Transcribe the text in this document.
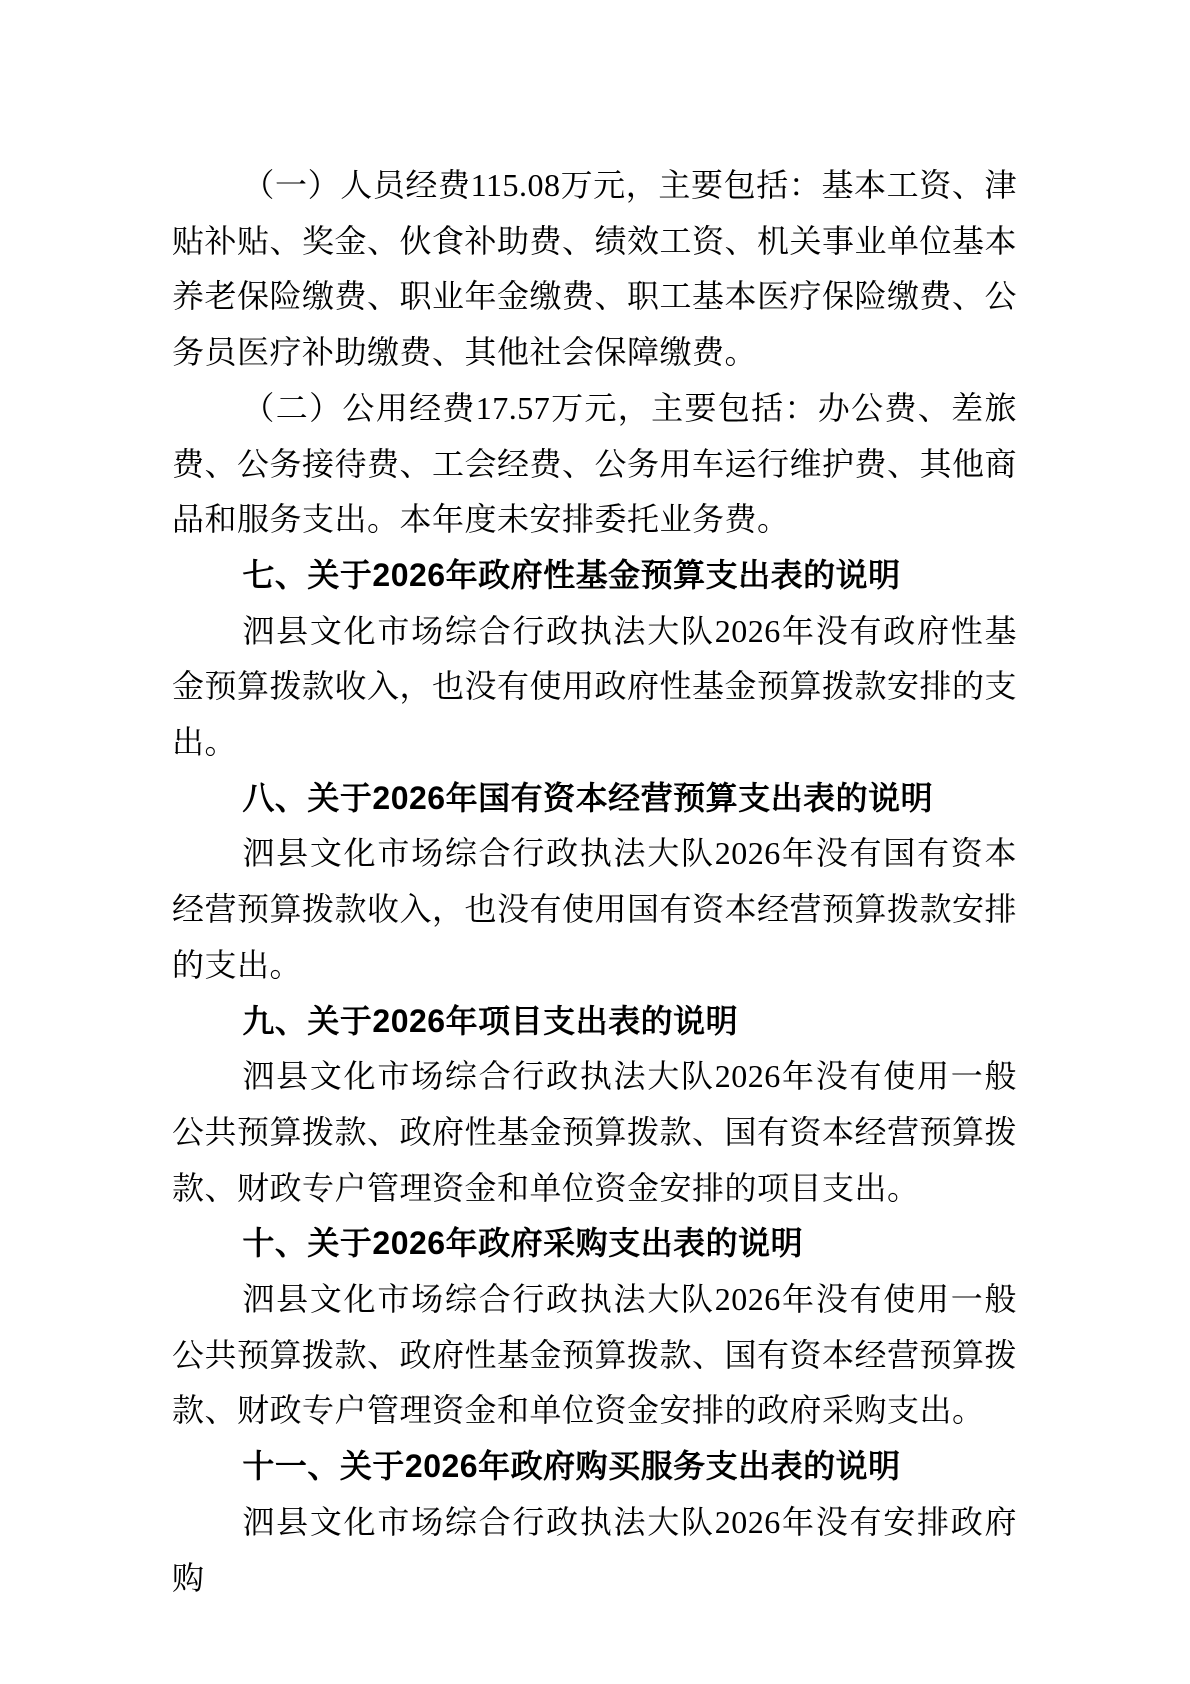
（一）人员经费115.08万元，主要包括：基本工资、津贴补贴、奖金、伙食补助费、绩效工资、机关事业单位基本养老保险缴费、职业年金缴费、职工基本医疗保险缴费、公务员医疗补助缴费、其他社会保障缴费。

（二）公用经费17.57万元，主要包括：办公费、差旅费、公务接待费、工会经费、公务用车运行维护费、其他商品和服务支出。本年度未安排委托业务费。

七、关于2026年政府性基金预算支出表的说明

泗县文化市场综合行政执法大队2026年没有政府性基金预算拨款收入，也没有使用政府性基金预算拨款安排的支出。

八、关于2026年国有资本经营预算支出表的说明

泗县文化市场综合行政执法大队2026年没有国有资本经营预算拨款收入，也没有使用国有资本经营预算拨款安排的支出。

九、关于2026年项目支出表的说明

泗县文化市场综合行政执法大队2026年没有使用一般公共预算拨款、政府性基金预算拨款、国有资本经营预算拨款、财政专户管理资金和单位资金安排的项目支出。

十、关于2026年政府采购支出表的说明

泗县文化市场综合行政执法大队2026年没有使用一般公共预算拨款、政府性基金预算拨款、国有资本经营预算拨款、财政专户管理资金和单位资金安排的政府采购支出。

十一、关于2026年政府购买服务支出表的说明

泗县文化市场综合行政执法大队2026年没有安排政府购
